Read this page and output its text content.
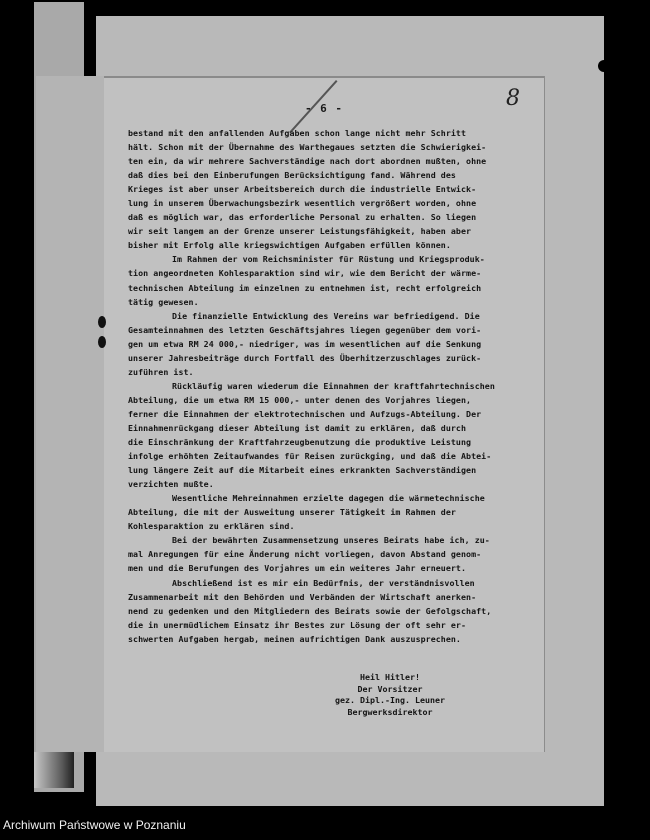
- 6 -	8
bestand mit den anfallenden Aufgaben schon lange nicht mehr Schritt
hält. Schon mit der Übernahme des Warthegaues setzten die Schwierigkei-
ten ein, da wir mehrere Sachverständige nach dort abordnen mußten, ohne
daß dies bei den Einberufungen Berücksichtigung fand. Während des
Krieges ist aber unser Arbeitsbereich durch die industrielle Entwick-
lung in unserem Überwachungsbezirk wesentlich vergrößert worden, ohne
daß es möglich war, das erforderliche Personal zu erhalten. So liegen
wir seit langem an der Grenze unserer Leistungsfähigkeit, haben aber
bisher mit Erfolg alle kriegswichtigen Aufgaben erfüllen können.
Im Rahmen der vom Reichsminister für Rüstung und Kriegsproduk-
tion angeordneten Kohlesparaktion sind wir, wie dem Bericht der wärme-
technischen Abteilung im einzelnen zu entnehmen ist, recht erfolgreich
tätig gewesen.
Die finanzielle Entwicklung des Vereins war befriedigend. Die
Gesamteinnahmen des letzten Geschäftsjahres liegen gegenüber dem vori-
gen um etwa RM 24 000,- niedriger, was im wesentlichen auf die Senkung
unserer Jahresbeiträge durch Fortfall des Überhitzerzuschlages zurück-
zuführen ist.
Rückläufig waren wiederum die Einnahmen der kraftfahrtechnischen
Abteilung, die um etwa RM 15 000,- unter denen des Vorjahres liegen,
ferner die Einnahmen der elektrotechnischen und Aufzugs-Abteilung. Der
Einnahmenrückgang dieser Abteilung ist damit zu erklären, daß durch
die Einschränkung der Kraftfahrzeugbenutzung die produktive Leistung
infolge erhöhten Zeitaufwandes für Reisen zurückging, und daß die Abtei-
lung längere Zeit auf die Mitarbeit eines erkrankten Sachverständigen
verzichten mußte.
Wesentliche Mehreinnahmen erzielte dagegen die wärmetechnische
Abteilung, die mit der Ausweitung unserer Tätigkeit im Rahmen der
Kohlesparaktion zu erklären sind.
Bei der bewährten Zusammensetzung unseres Beirats habe ich, zu-
mal Anregungen für eine Änderung nicht vorliegen, davon Abstand genom-
men und die Berufungen des Vorjahres um ein weiteres Jahr erneuert.
Abschließend ist es mir ein Bedürfnis, der verständnisvollen
Zusammenarbeit mit den Behörden und Verbänden der Wirtschaft anerken-
nend zu gedenken und den Mitgliedern des Beirats sowie der Gefolgschaft,
die in unermüdlichem Einsatz ihr Bestes zur Lösung der oft sehr er-
schwerten Aufgaben hergab, meinen aufrichtigen Dank auszusprechen.
Heil Hitler!
Der Vorsitzer
gez. Dipl.-Ing. Leuner
Bergwerksdirektor
Archiwum Państwowe w Poznaniu
